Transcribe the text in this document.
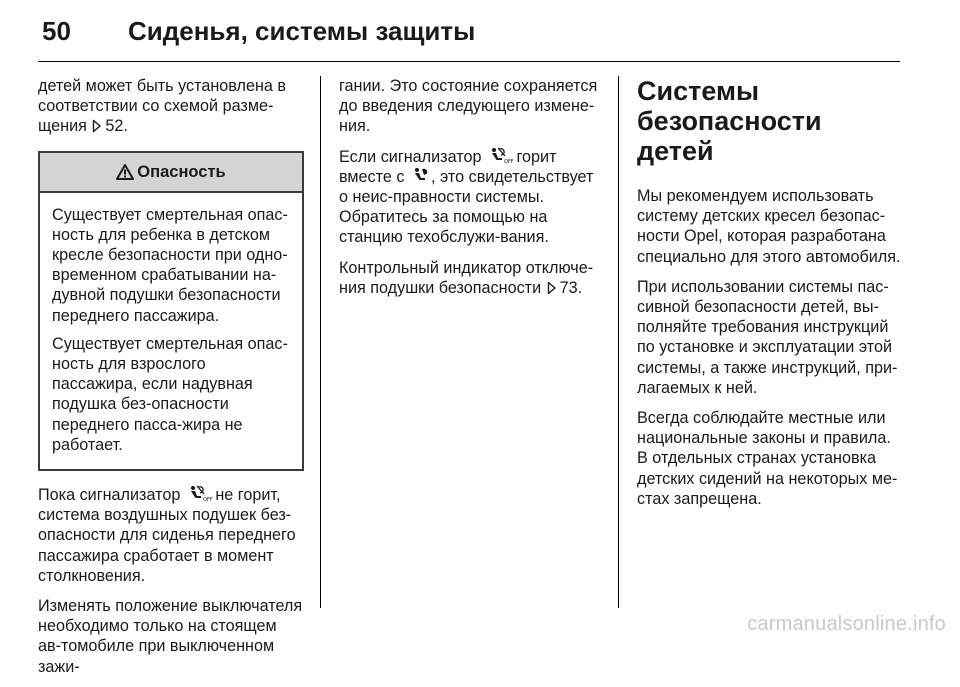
50 Сиденья, системы защиты

детей может быть установлена в соответствии со схемой разме-щения 52.

Опасность

Существует смертельная опас-ность для ребенка в детском кресле безопасности при одно-временном срабатывании на-дувной подушки безопасности переднего пассажира.

Существует смертельная опас-ность для взрослого пассажира, если надувная подушка без-опасности переднего пасса-жира не работает.

Пока сигнализатор	OFF не горит, система воздушных подушек без-опасности для сиденья переднего пассажира сработает в момент столкновения.

Изменять положение выключателя необходимо только на стоящем ав-томобиле при выключенном зажи-

гании. Это состояние сохраняется до введения следующего измене-ния.

Если сигнализатор	OFF горит вместе с , это свидетельствует о неис-правности системы. Обратитесь за помощью на станцию техобслужи-вания.

Контрольный индикатор отключе-ния подушки безопасности 73.

Системы безопасности детей

Мы рекомендуем использовать систему детских кресел безопас-ности Opel, которая разработана специально для этого автомобиля.

При использовании системы пас-сивной безопасности детей, вы-полняйте требования инструкций по установке и эксплуатации этой системы, а также инструкций, при-лагаемых к ней.

Всегда соблюдайте местные или национальные законы и правила. В отдельных странах установка детских сидений на некоторых ме-стах запрещена.

carmanualsonline.info
